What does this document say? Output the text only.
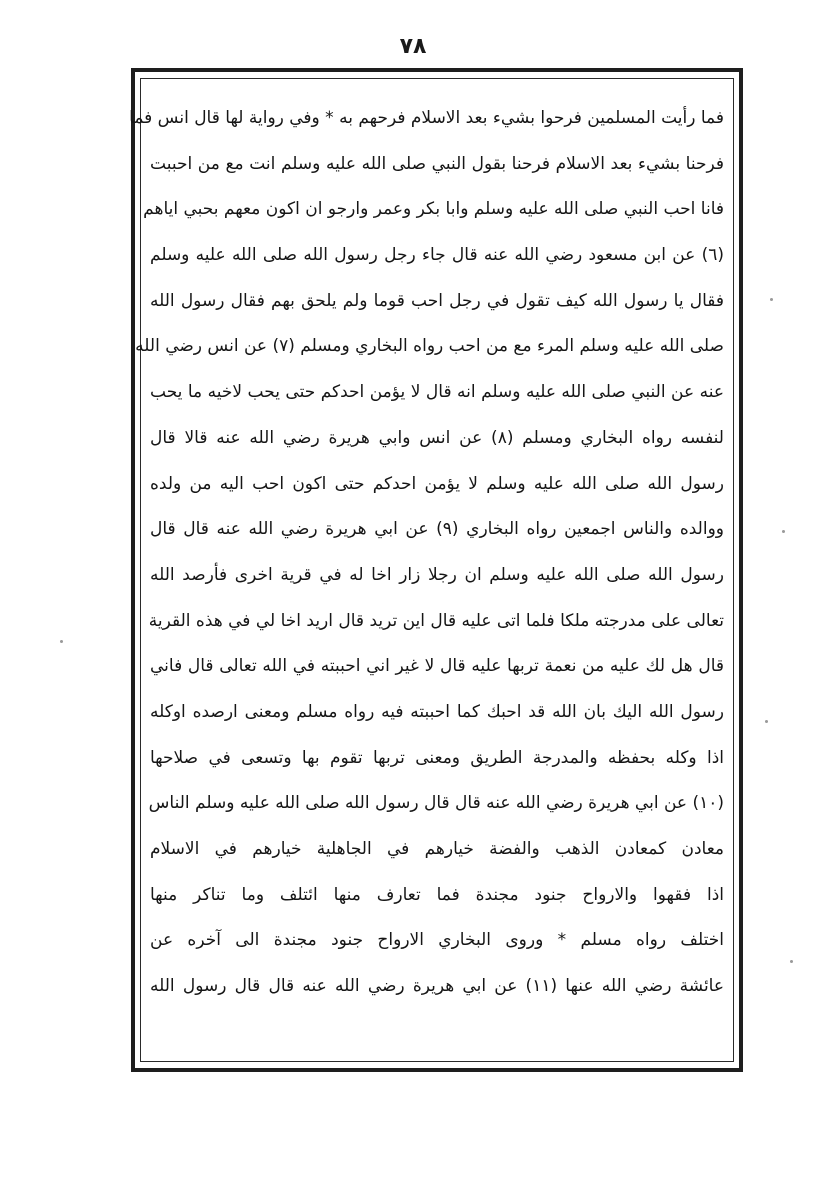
٧٨
فما رأيت المسلمين فرحوا بشيء بعد الاسلام فرحهم به * وفي رواية لها قال انس فما
فرحنا بشيء بعد الاسلام فرحنا بقول النبي صلى الله عليه وسلم انت مع من احببت
فانا احب النبي صلى الله عليه وسلم وابا بكر وعمر وارجو ان اكون معهم بحبي اياهم
(٦) عن ابن مسعود رضي الله عنه قال جاء رجل رسول الله صلى الله عليه وسلم
فقال يا رسول الله كيف تقول في رجل احب قوما ولم يلحق بهم فقال رسول الله
صلى الله عليه وسلم المرء مع من احب رواه البخاري ومسلم (٧) عن انس رضي الله
عنه عن النبي صلى الله عليه وسلم انه قال لا يؤمن احدكم حتى يحب لاخيه ما يحب
لنفسه رواه البخاري ومسلم (٨) عن انس وابي هريرة رضي الله عنه قالا قال
رسول الله صلى الله عليه وسلم لا يؤمن احدكم حتى اكون احب اليه من ولده
ووالده والناس اجمعين رواه البخاري (٩) عن ابي هريرة رضي الله عنه قال قال
رسول الله صلى الله عليه وسلم ان رجلا زار اخا له في قرية اخرى فأرصد الله
تعالى على مدرجته ملكا فلما اتى عليه قال اين تريد قال اريد اخا لي في هذه القرية
قال هل لك عليه من نعمة تربها عليه قال لا غير اني احببته في الله تعالى قال فاني
رسول الله اليك بان الله قد احبك كما احببته فيه رواه مسلم ومعنى ارصده اوكله
اذا وكله بحفظه والمدرجة الطريق ومعنى تربها تقوم بها وتسعى في صلاحها
(١٠) عن ابي هريرة رضي الله عنه قال قال رسول الله صلى الله عليه وسلم الناس
معادن كمعادن الذهب والفضة خيارهم في الجاهلية خيارهم في الاسلام
اذا فقهوا والارواح جنود مجندة فما تعارف منها ائتلف وما تناكر منها
اختلف رواه مسلم * وروى البخاري الارواح جنود مجندة الى آخره عن
عائشة رضي الله عنها (١١) عن ابي هريرة رضي الله عنه قال قال رسول الله
